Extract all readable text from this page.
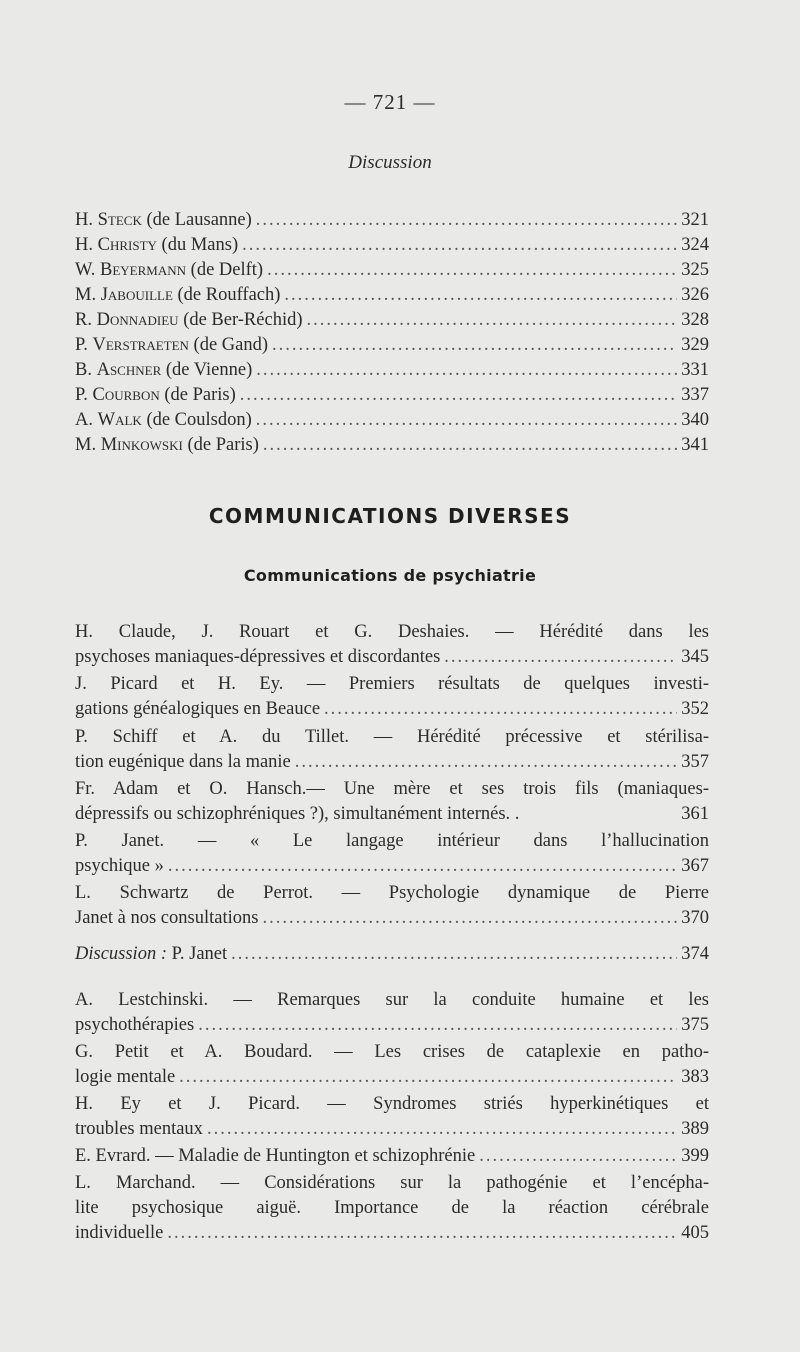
— 721 —
Discussion
H. Steck (de Lausanne) .....	321
H. Christy (du Mans) .....	324
W. Beyermann (de Delft) .....	325
M. Jabouille (de Rouffach) .....	326
R. Donnadieu (de Ber-Réchid) .....	328
P. Verstraeten (de Gand) .....	329
B. Aschner (de Vienne) .....	331
P. Courbon (de Paris) .....	337
A. Walk (de Coulsdon) .....	340
M. Minkowski (de Paris) .....	341
COMMUNICATIONS DIVERSES
Communications de psychiatrie
H. Claude, J. Rouart et G. Deshaies. — Hérédité dans les
psychoses maniaques-dépressives et discordantes .....	345
J. Picard et H. Ey. — Premiers résultats de quelques investi-
gations généalogiques en Beauce .....	352
P. Schiff et A. du Tillet. — Hérédité précessive et stérilisa-
tion eugénique dans la manie .....	357
Fr. Adam et O. Hansch.— Une mère et ses trois fils (maniaques-
dépressifs ou schizophréniques ?), simultanément internés. .	361
P. Janet. — « Le langage intérieur dans l’hallucination
psychique » .....	367
L. Schwartz de Perrot. — Psychologie dynamique de Pierre
Janet à nos consultations .....	370
Discussion : P. Janet .....	374
A. Lestchinski. — Remarques sur la conduite humaine et les
psychothérapies .....	375
G. Petit et A. Boudard. — Les crises de cataplexie en patho-
logie mentale .....	383
H. Ey et J. Picard. — Syndromes striés hyperkinétiques et
troubles mentaux .....	389
E. Evrard. — Maladie de Huntington et schizophrénie .....	399
L. Marchand. — Considérations sur la pathogénie et l’encépha-
lite psychosique aiguë. Importance de la réaction cérébrale
individuelle .....	405
